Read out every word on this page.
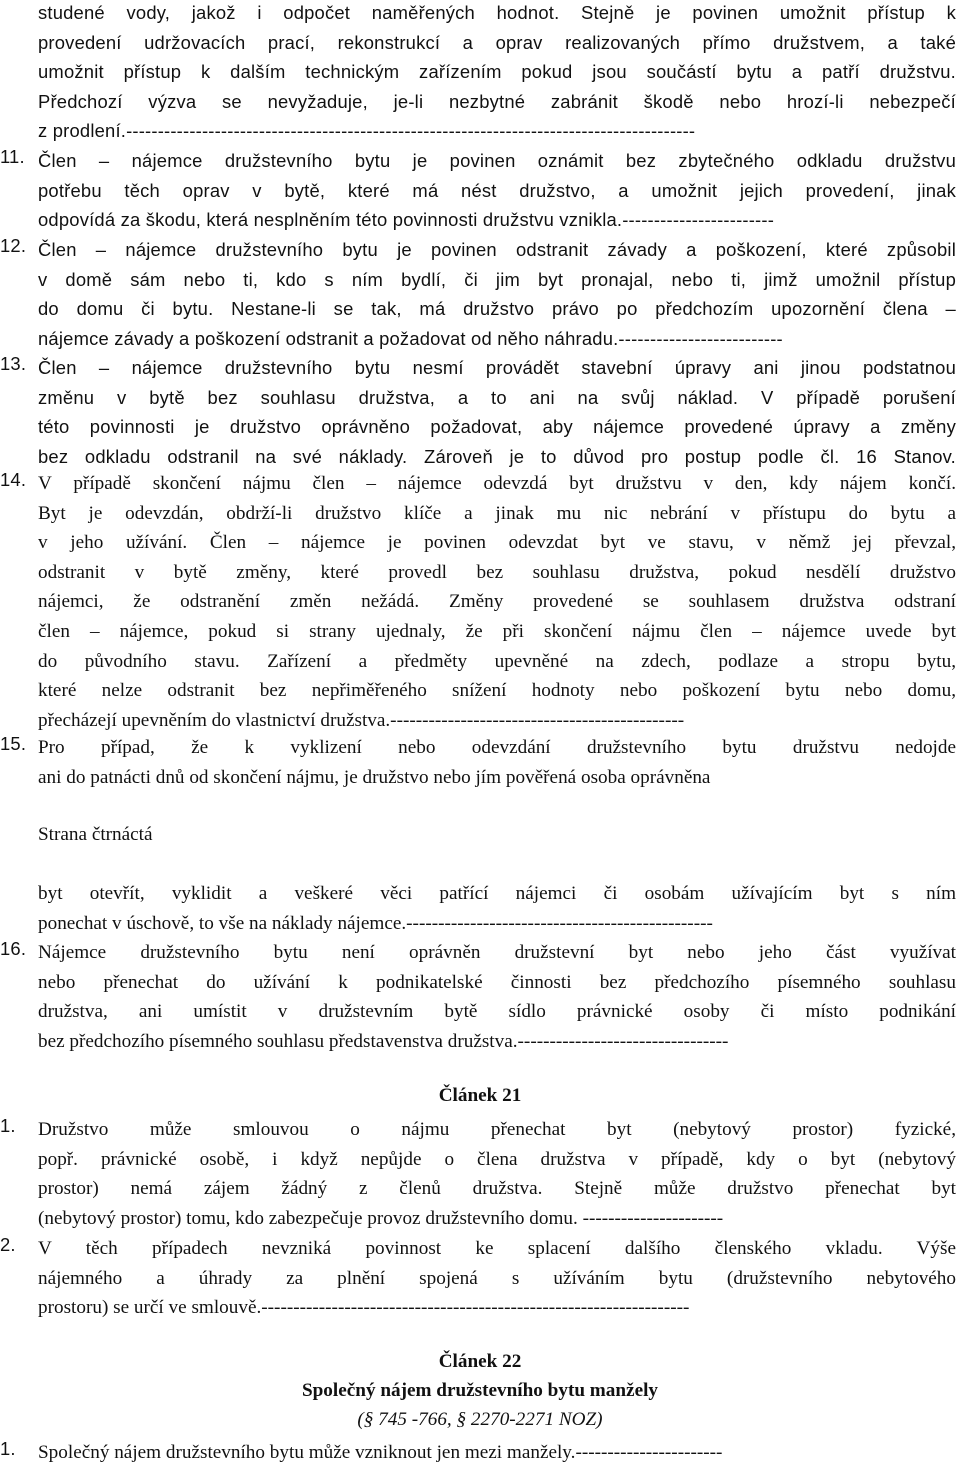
studené vody, jakož i odpočet naměřených hodnot. Stejně je povinen umožnit přístup k
provedení udržovacích prací, rekonstrukcí a oprav realizovaných přímo družstvem, a také
umožnit přístup k dalším technickým zařízením pokud jsou součástí bytu a patří družstvu.
Předchozí výzva se nevyžaduje, je-li nezbytné zabránit škodě nebo hrozí-li nebezpečí
z prodlení.------------------------------------------------------------------------------------------
11. Člen – nájemce družstevního bytu je povinen oznámit bez zbytečného odkladu družstvu
potřebu těch oprav v bytě, které má nést družstvo, a umožnit jejich provedení, jinak
odpovídá za škodu, která nesplněním této povinnosti družstvu vznikla.------------------------
12. Člen – nájemce družstevního bytu je povinen odstranit závady a poškození, které způsobil
v domě sám nebo ti, kdo s ním bydlí, či jim byt pronajal, nebo ti, jimž umožnil přístup
do domu či bytu. Nestane-li se tak, má družstvo právo po předchozím upozornění člena –
nájemce závady a poškození odstranit a požadovat od něho náhradu.--------------------------
13. Člen – nájemce družstevního bytu nesmí provádět stavební úpravy ani jinou podstatnou
změnu v bytě bez souhlasu družstva, a to ani na svůj náklad. V případě porušení
této povinnosti je družstvo oprávněno požadovat, aby nájemce provedené úpravy a změny
bez odkladu odstranil na své náklady. Zároveň je to důvod pro postup podle čl. 16 Stanov.
14. V případě skončení nájmu člen – nájemce odevzdá byt družstvu v den, kdy nájem končí.
Byt je odevzdán, obdrží-li družstvo klíče a jinak mu nic nebrání v přístupu do bytu a
v jeho užívání. Člen – nájemce je povinen odevzdat byt ve stavu, v němž jej převzal,
odstranit v bytě změny, které provedl bez souhlasu družstva, pokud nesdělí družstvo
nájemci, že odstranění změn nežádá. Změny provedené se souhlasem družstva odstraní
člen – nájemce, pokud si strany ujednaly, že při skončení nájmu člen – nájemce uvede byt
do původního stavu. Zařízení a předměty upevněné na zdech, podlaze a stropu bytu,
které nelze odstranit bez nepřiměřeného snížení hodnoty nebo poškození bytu nebo domu,
přecházejí upevněním do vlastnictví družstva.----------------------------------------------
15. Pro případ, že k vyklizení nebo odevzdání družstevního bytu družstvu nedojde
ani do patnácti dnů od skončení nájmu, je družstvo nebo jím pověřená osoba oprávněna
Strana čtrnáctá
byt otevřít, vyklidit a veškeré věci patřící nájemci či osobám užívajícím byt s ním
ponechat v úschově, to vše na náklady nájemce.------------------------------------------------
16. Nájemce družstevního bytu není oprávněn družstevní byt nebo jeho část využívat
nebo přenechat do užívání k podnikatelské činnosti bez předchozího písemného souhlasu
družstva, ani umístit v družstevním bytě sídlo právnické osoby či místo podnikání
bez předchozího písemného souhlasu představenstva družstva.---------------------------------
Článek 21
1. Družstvo může smlouvou o nájmu přenechat byt (nebytový prostor) fyzické,
popř. právnické osobě, i když nepůjde o člena družstva v případě, kdy o byt (nebytový
prostor) nemá zájem žádný z členů družstva. Stejně může družstvo přenechat byt
(nebytový prostor) tomu, kdo zabezpečuje provoz družstevního domu. ----------------------
2. V těch případech nevzniká povinnost ke splacení dalšího členského vkladu. Výše
nájemného a úhrady za plnění spojená s užíváním bytu (družstevního nebytového
prostoru) se určí ve smlouvě.-------------------------------------------------------------------
Článek 22
Společný nájem družstevního bytu manžely
(§ 745 -766, § 2270-2271 NOZ)
1. Společný nájem družstevního bytu může vzniknout jen mezi manžely.-----------------------
